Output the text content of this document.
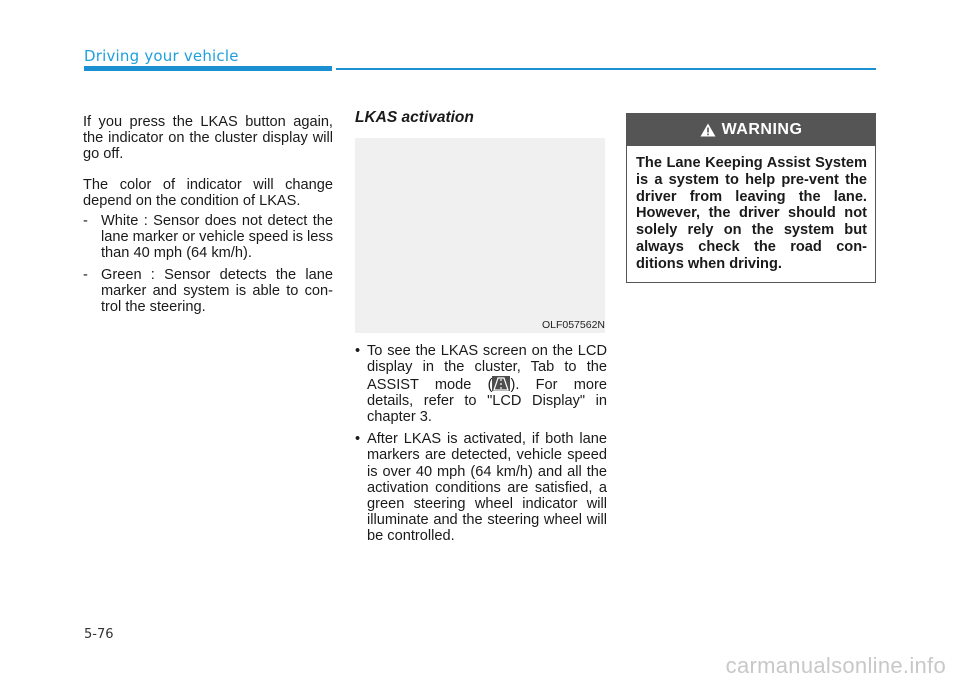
Driving your vehicle

If you press the LKAS button again, the indicator on the cluster display will go off.

The color of indicator will change depend on the condition of LKAS.

- White : Sensor does not detect the lane marker or vehicle speed is less than 40 mph (64 km/h).
- Green : Sensor detects the lane marker and system is able to con-trol the steering.

LKAS activation

OLF057562N
• To see the LKAS screen on the LCD display in the cluster, Tab to the ASSIST mode ( ). For more details, refer to "LCD Display" in chapter 3.
• After LKAS is activated, if both lane markers are detected, vehicle speed is over 40 mph (64 km/h) and all the activation conditions are satisfied, a green steering wheel indicator will illuminate and the steering wheel will be controlled.
WARNING
The Lane Keeping Assist System is a system to help pre-vent the driver from leaving the lane. However, the driver should not solely rely on the system but always check the road con-ditions when driving.
5-76
carmanualsonline.info
